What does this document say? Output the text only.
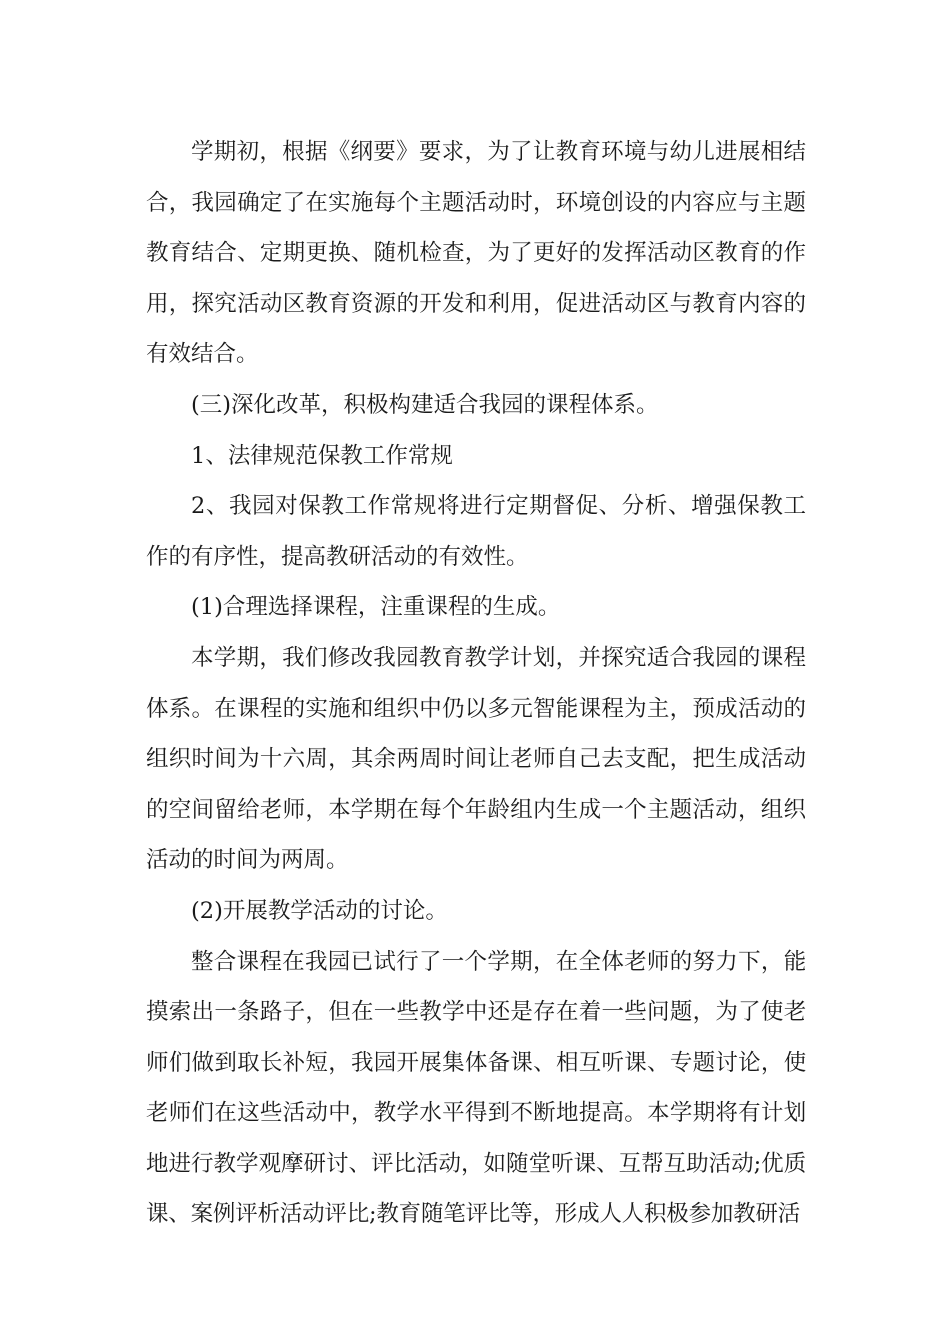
学期初，根据《纲要》要求，为了让教育环境与幼儿进展相结合，我园确定了在实施每个主题活动时，环境创设的内容应与主题教育结合、定期更换、随机检查，为了更好的发挥活动区教育的作用，探究活动区教育资源的开发和利用，促进活动区与教育内容的有效结合。

(三)深化改革，积极构建适合我园的课程体系。

1、法律规范保教工作常规

2、我园对保教工作常规将进行定期督促、分析、增强保教工作的有序性，提高教研活动的有效性。

(1)合理选择课程，注重课程的生成。

本学期，我们修改我园教育教学计划，并探究适合我园的课程体系。在课程的实施和组织中仍以多元智能课程为主，预成活动的组织时间为十六周，其余两周时间让老师自己去支配，把生成活动的空间留给老师，本学期在每个年龄组内生成一个主题活动，组织活动的时间为两周。

(2)开展教学活动的讨论。

整合课程在我园已试行了一个学期，在全体老师的努力下，能摸索出一条路子，但在一些教学中还是存在着一些问题，为了使老师们做到取长补短，我园开展集体备课、相互听课、专题讨论，使老师们在这些活动中，教学水平得到不断地提高。本学期将有计划地进行教学观摩研讨、评比活动，如随堂听课、互帮互助活动;优质课、案例评析活动评比;教育随笔评比等，形成人人积极参加教研活
